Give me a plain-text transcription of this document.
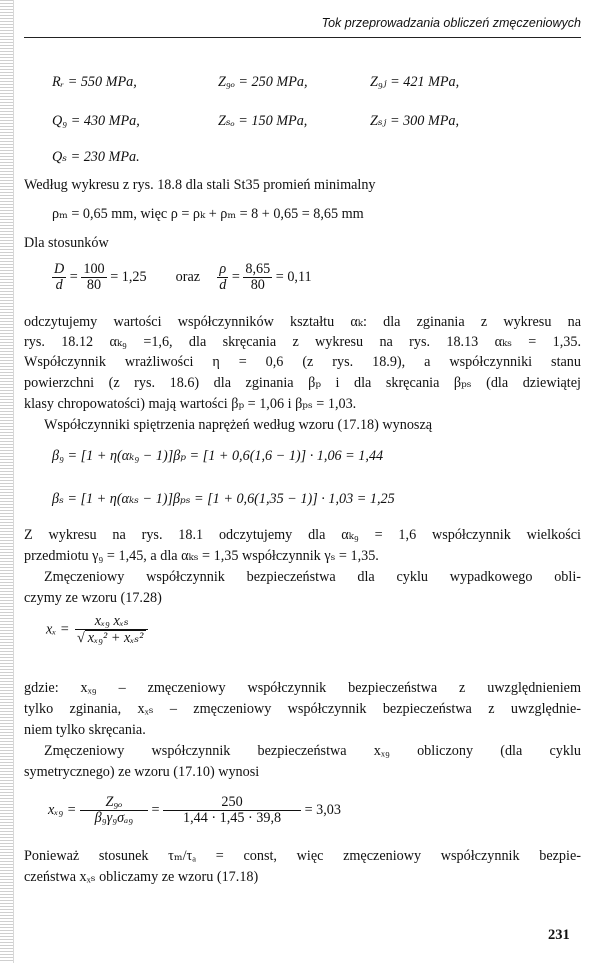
Tok przeprowadzania obliczeń zmęczeniowych
Rᵣ = 550 MPa,	Z₉ₒ = 250 MPa,	Z₉ⱼ = 421 MPa,
Q₉ = 430 MPa,	Zₛₒ = 150 MPa,	Zₛⱼ = 300 MPa,
Qₛ = 230 MPa.
Według wykresu z rys. 18.8 dla stali St35 promień minimalny
ρₘ = 0,65 mm, więc ρ = ρₖ + ρₘ = 8 + 0,65 = 8,65 mm
Dla stosunków
$\frac{D}{d} = \frac{100}{80} = 1,25$ oraz $\frac{\rho}{d} = \frac{8,65}{80} = 0,11$
odczytujemy wartości współczynników kształtu αₖ: dla zginania z wykresu na
rys. 18.12 αₖ₉ =1,6, dla skręcania z wykresu na rys. 18.13 αₖₛ = 1,35.
Współczynnik wrażliwości η = 0,6 (z rys. 18.9), a współczynniki stanu
powierzchni (z rys. 18.6) dla zginania βₚ i dla skręcania βₚₛ (dla dziewiątej
klasy chropowatości) mają wartości βₚ = 1,06 i βₚₛ = 1,03.
Współczynniki spiętrzenia naprężeń według wzoru (17.18) wynoszą
β₉ = [1 + η(αₖ₉ − 1)]βₚ = [1 + 0,6(1,6 − 1)] · 1,06 = 1,44
βₛ = [1 + η(αₖₛ − 1)]βₚₛ = [1 + 0,6(1,35 − 1)] · 1,03 = 1,25
Z wykresu na rys. 18.1 odczytujemy dla αₖ₉ = 1,6 współczynnik wielkości
przedmiotu γ₉ = 1,45, a dla αₖₛ = 1,35 współczynnik γₛ = 1,35.
Zmęczeniowy współczynnik bezpieczeństwa dla cyklu wypadkowego obli-
czymy ze wzoru (17.28)
$x_x = \frac{\text{xₓ₉ xₓₛ}}{\text{√ xₓ₉² + xₓₛ²}}$
gdzie: xₓ₉ – zmęczeniowy współczynnik bezpieczeństwa z uwzględnieniem
tylko zginania, xₓₛ – zmęczeniowy współczynnik bezpieczeństwa z uwzględnie-
niem tylko skręcania.
Zmęczeniowy współczynnik bezpieczeństwa xₓ₉ obliczony (dla cyklu
symetrycznego) ze wzoru (17.10) wynosi
$x_{x9} = \frac{\text{Z₉ₒ}}{\text{β₉γ₉σₐ₉}} = \frac{250}{1,44 \cdot 1,45 \cdot 39,8} = 3,03$
Ponieważ stosunek τₘ/τₐ = const, więc zmęczeniowy współczynnik bezpie-
czeństwa xₓₛ obliczamy ze wzoru (17.18)
231
